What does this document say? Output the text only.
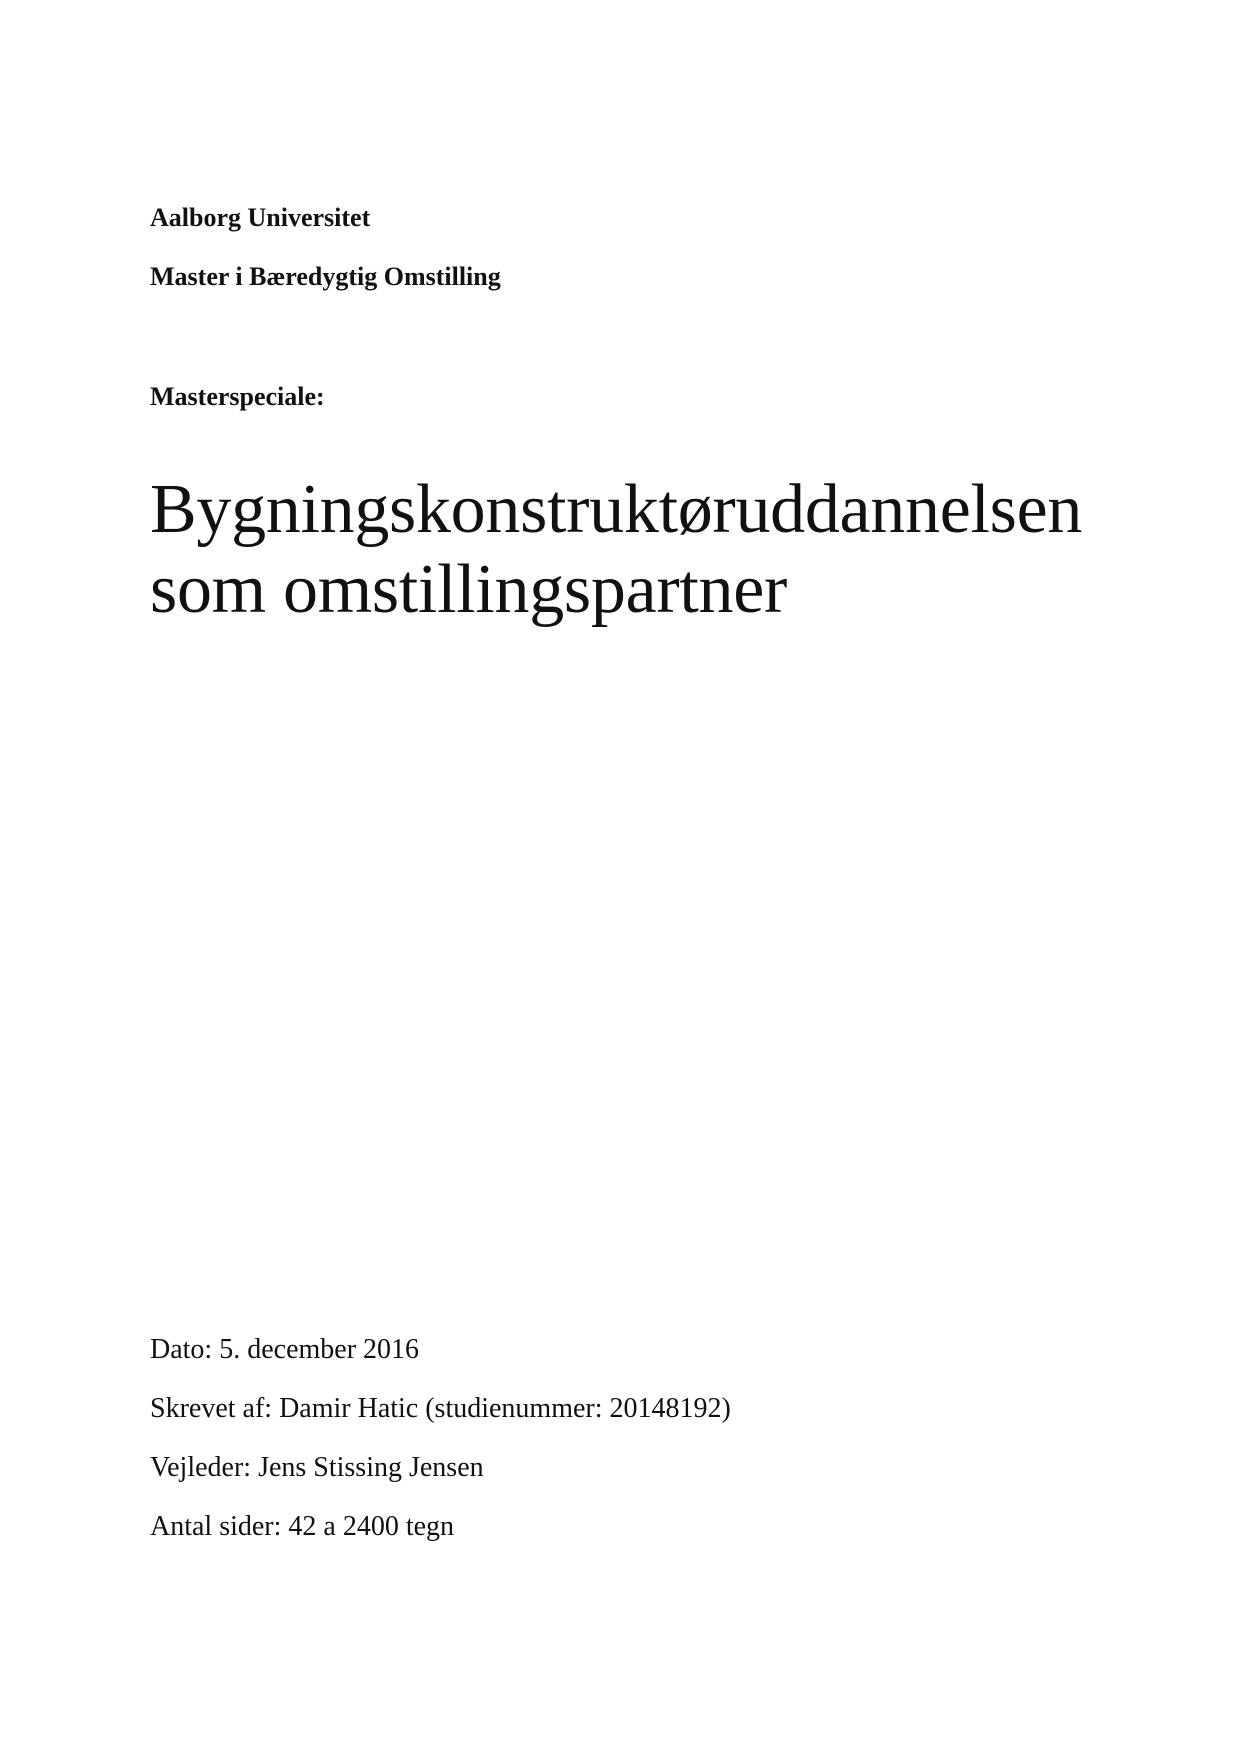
Aalborg Universitet
Master i Bæredygtig Omstilling
Masterspeciale:
Bygningskonstruktøruddannelsen
som omstillingspartner
Dato: 5. december 2016
Skrevet af: Damir Hatic (studienummer: 20148192)
Vejleder: Jens Stissing Jensen
Antal sider: 42 a 2400 tegn
